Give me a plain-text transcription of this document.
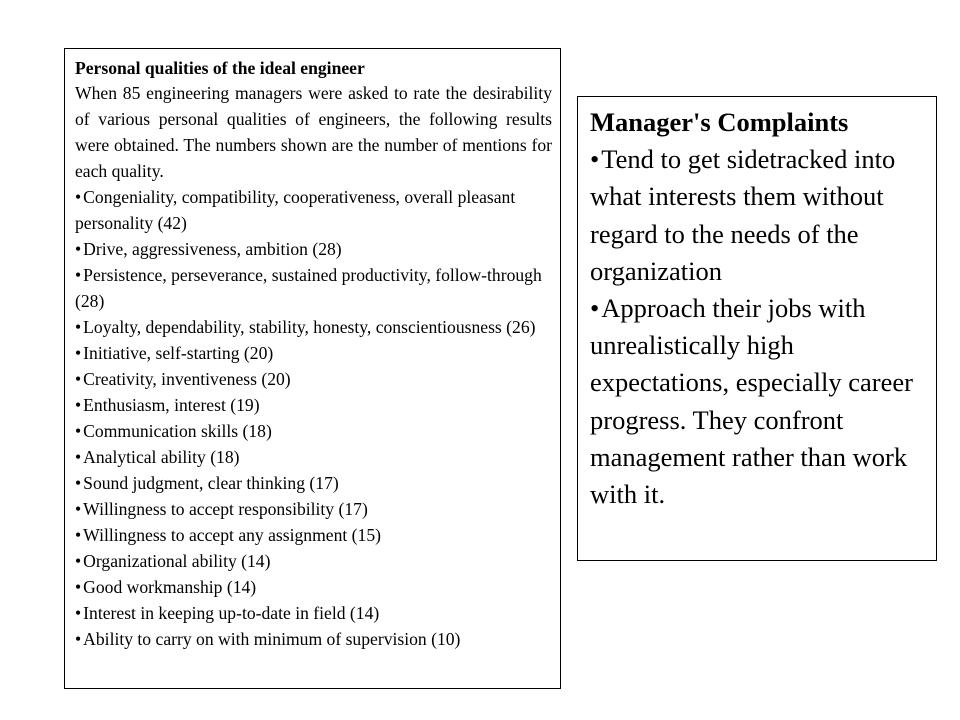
Personal qualities of the ideal engineer
When 85 engineering managers were asked to rate the desirability of various personal qualities of engineers, the following results were obtained. The numbers shown are the number of mentions for each quality.
• Congeniality, compatibility, cooperativeness, overall pleasant personality (42)
• Drive, aggressiveness, ambition (28)
• Persistence, perseverance, sustained productivity, follow-through (28)
• Loyalty, dependability, stability, honesty, conscientiousness (26)
• Initiative, self-starting (20)
• Creativity, inventiveness (20)
• Enthusiasm, interest (19)
• Communication skills (18)
• Analytical ability (18)
• Sound judgment, clear thinking (17)
• Willingness to accept responsibility (17)
• Willingness to accept any assignment (15)
• Organizational ability (14)
• Good workmanship (14)
• Interest in keeping up-to-date in field (14)
• Ability to carry on with minimum of supervision (10)
Manager's Complaints
•Tend to get sidetracked into what interests them without regard to the needs of the organization
•Approach their jobs with unrealistically high expectations, especially career progress. They confront management rather than work with it.
